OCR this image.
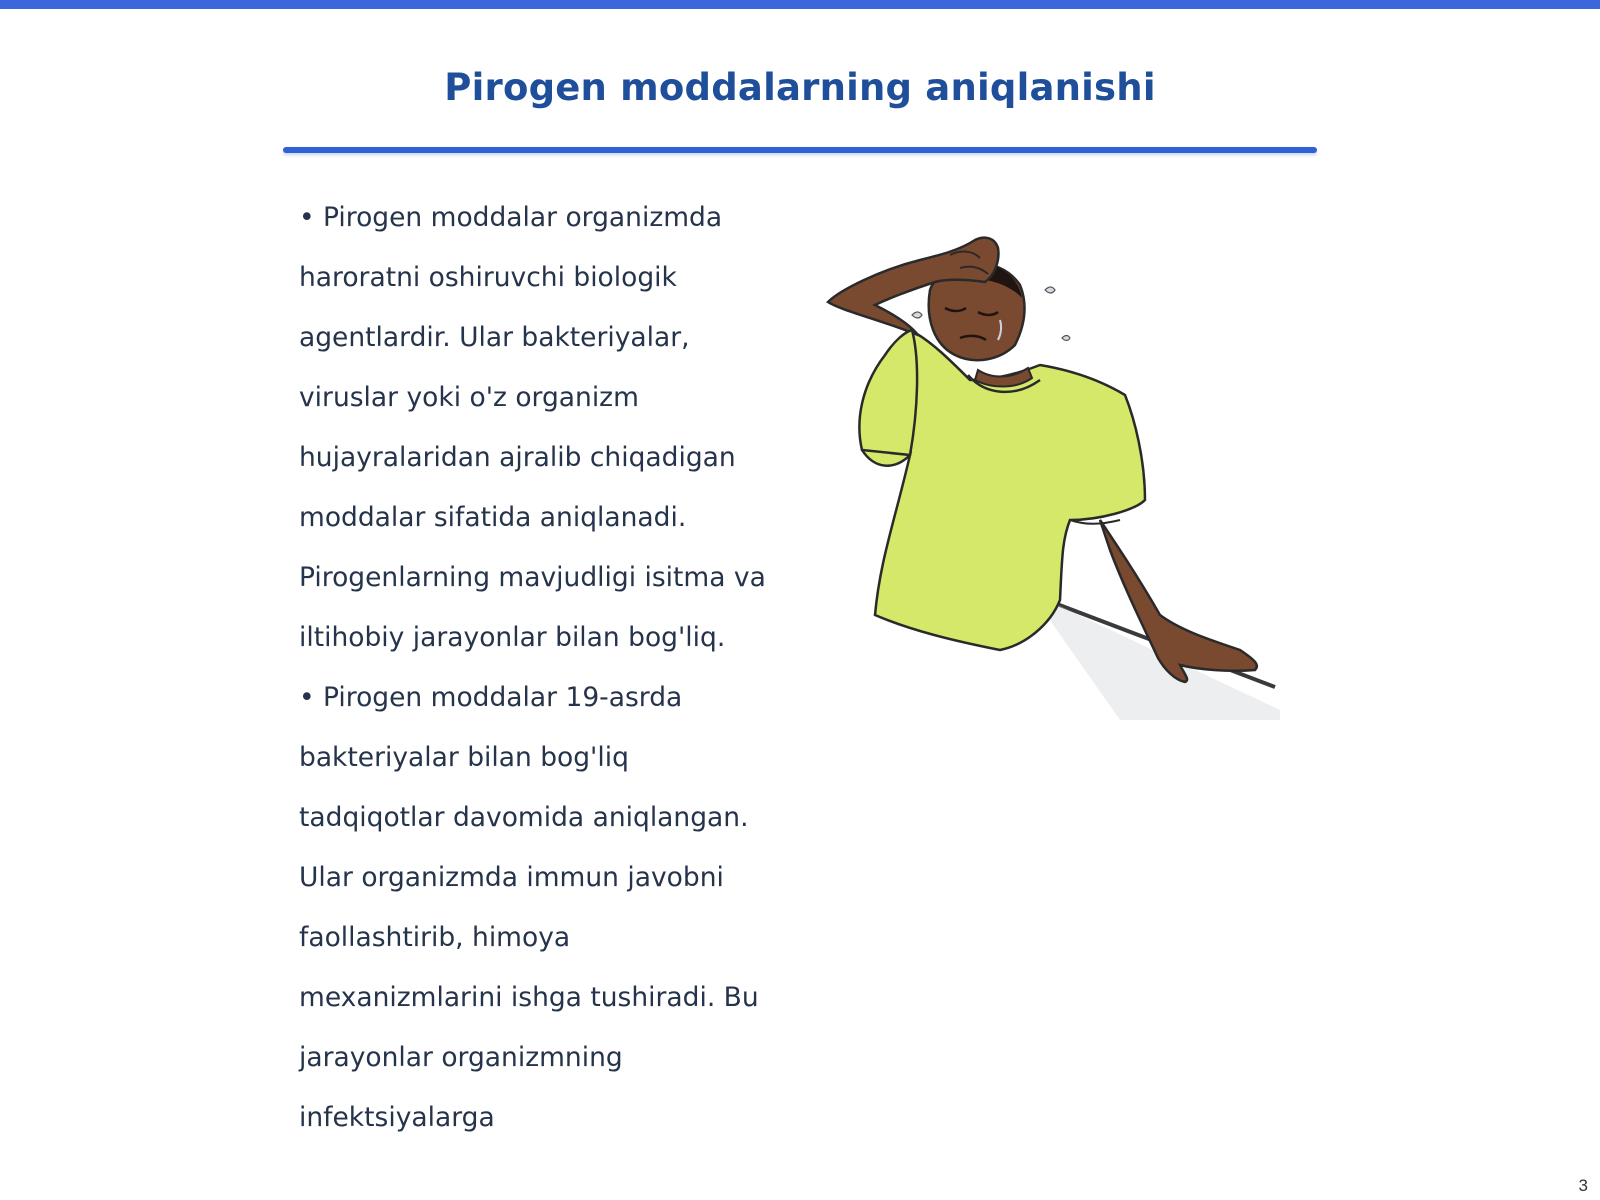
Pirogen moddalarning aniqlanishi

• Pirogen moddalar organizmda haroratni oshiruvchi biologik agentlardir. Ular bakteriyalar, viruslar yoki o'z organizm hujayralaridan ajralib chiqadigan moddalar sifatida aniqlanadi. Pirogenlarning mavjudligi isitma va iltihobiy jarayonlar bilan bog'liq.

• Pirogen moddalar 19-asrda bakteriyalar bilan bog'liq tadqiqotlar davomida aniqlangan. Ular organizmda immun javobni faollashtirib, himoya mexanizmlarini ishga tushiradi. Bu jarayonlar organizmning infektsiyalarga

3
